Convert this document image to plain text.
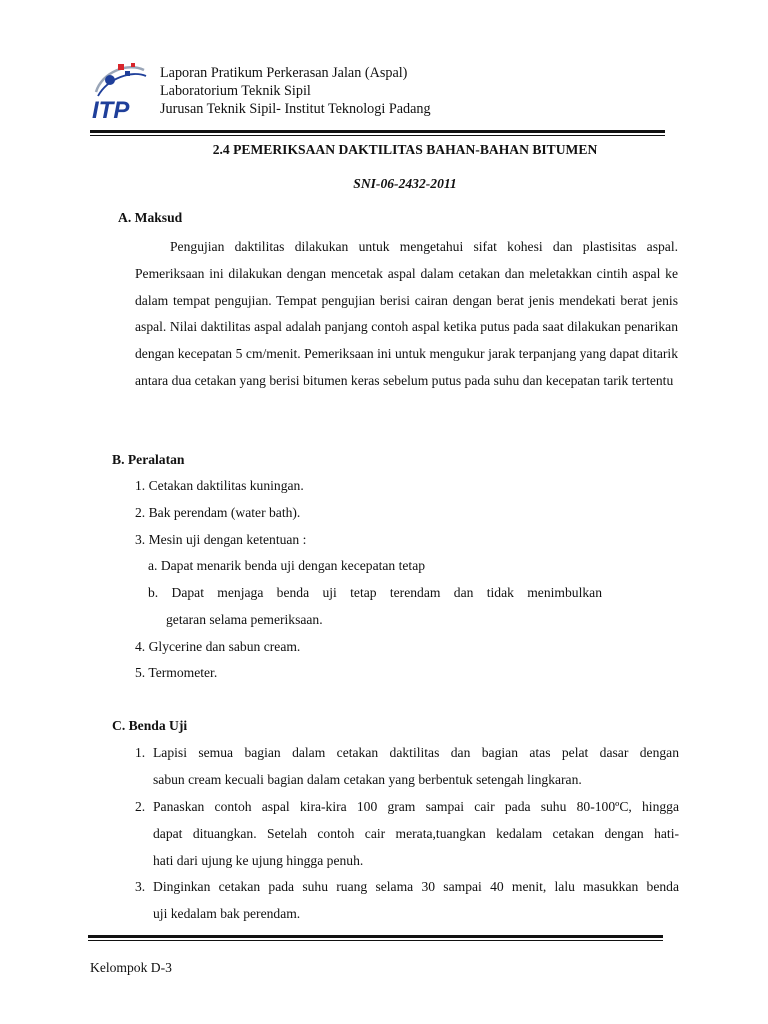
ITP
Laporan Pratikum Perkerasan Jalan (Aspal)
Laboratorium Teknik Sipil
Jurusan Teknik Sipil- Institut Teknologi Padang
2.4 PEMERIKSAAN DAKTILITAS BAHAN-BAHAN BITUMEN
SNI-06-2432-2011
A. Maksud

Pengujian daktilitas dilakukan untuk mengetahui sifat kohesi dan plastisitas aspal. Pemeriksaan ini dilakukan dengan mencetak aspal dalam cetakan dan meletakkan cintih aspal ke dalam tempat pengujian. Tempat pengujian berisi cairan dengan berat jenis mendekati berat jenis aspal. Nilai daktilitas aspal adalah panjang contoh aspal ketika putus pada saat dilakukan penarikan dengan kecepatan 5 cm/menit. Pemeriksaan ini untuk mengukur jarak terpanjang yang dapat ditarik antara dua cetakan yang berisi bitumen keras sebelum putus pada suhu dan kecepatan tarik tertentu

B. Peralatan
1. Cetakan daktilitas kuningan.
2. Bak perendam (water bath).
3. Mesin uji dengan ketentuan :
a. Dapat menarik benda uji dengan kecepatan tetap
b. Dapat menjaga benda uji tetap terendam dan tidak menimbulkan
getaran selama pemeriksaan.
4. Glycerine dan sabun cream.
5. Termometer.
C. Benda Uji
1. Lapisi semua bagian dalam cetakan daktilitas dan bagian atas pelat dasar dengan
sabun cream kecuali bagian dalam cetakan yang berbentuk setengah lingkaran.
2. Panaskan contoh aspal kira-kira 100 gram sampai cair pada suhu 80-100ºC, hingga
dapat dituangkan. Setelah contoh cair merata,tuangkan kedalam cetakan dengan hati-
hati dari ujung ke ujung hingga penuh.
3. Dinginkan cetakan pada suhu ruang selama 30 sampai 40 menit, lalu masukkan benda
uji kedalam bak perendam.
Kelompok D-3
